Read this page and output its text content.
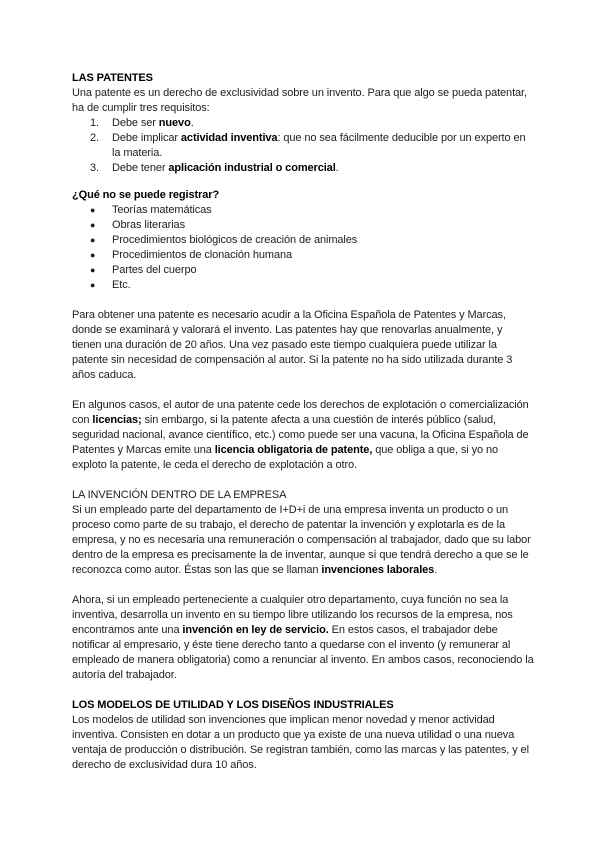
LAS PATENTES

Una patente es un derecho de exclusividad sobre un invento. Para que algo se pueda patentar, ha de cumplir tres requisitos:

1. Debe ser nuevo.
2. Debe implicar actividad inventiva: que no sea fácilmente deducible por un experto en la materia.
3. Debe tener aplicación industrial o comercial.

¿Qué no se puede registrar?

● Teorías matemáticas
● Obras literarias
● Procedimientos biológicos de creación de animales
● Procedimientos de clonación humana
● Partes del cuerpo
● Etc.

Para obtener una patente es necesario acudir a la Oficina Española de Patentes y Marcas, donde se examinará y valorará el invento. Las patentes hay que renovarlas anualmente, y tienen una duración de 20 años. Una vez pasado este tiempo cualquiera puede utilizar la patente sin necesidad de compensación al autor. Si la patente no ha sido utilizada durante 3 años caduca.

En algunos casos, el autor de una patente cede los derechos de explotación o comercialización con licencias; sin embargo, si la patente afecta a una cuestión de interés público (salud, seguridad nacional, avance científico, etc.) como puede ser una vacuna, la Oficina Española de Patentes y Marcas emite una licencia obligatoria de patente, que obliga a que, si yo no exploto la patente, le ceda el derecho de explotación a otro.

LA INVENCIÓN DENTRO DE LA EMPRESA

Si un empleado parte del departamento de I+D+i de una empresa inventa un producto o un proceso como parte de su trabajo, el derecho de patentar la invención y explotarla es de la empresa, y no es necesaria una remuneración o compensación al trabajador, dado que su labor dentro de la empresa es precisamente la de inventar, aunque sí que tendrá derecho a que se le reconozca como autor. Éstas son las que se llaman invenciones laborales.

Ahora, si un empleado perteneciente a cualquier otro departamento, cuya función no sea la inventiva, desarrolla un invento en su tiempo libre utilizando los recursos de la empresa, nos encontramos ante una invención en ley de servicio. En estos casos, el trabajador debe notificar al empresario, y éste tiene derecho tanto a quedarse con el invento (y remunerar al empleado de manera obligatoria) como a renunciar al invento. En ambos casos, reconociendo la autoría del trabajador.

LOS MODELOS DE UTILIDAD Y LOS DISEÑOS INDUSTRIALES

Los modelos de utilidad son invenciones que implican menor novedad y menor actividad inventiva. Consisten en dotar a un producto que ya existe de una nueva utilidad o una nueva ventaja de producción o distribución. Se registran también, como las marcas y las patentes, y el derecho de exclusividad dura 10 años.
